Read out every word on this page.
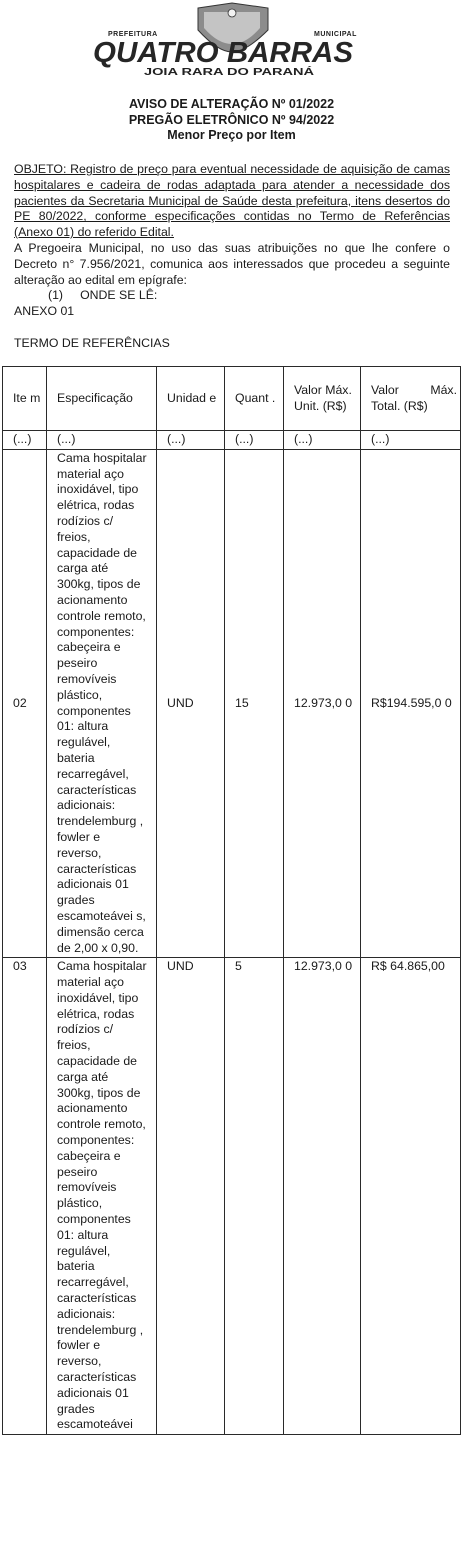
PREFEITURA	MUNICIPAL
QUATRO BARRAS
JOIA RARA DO PARANÁ
AVISO DE ALTERAÇÃO Nº 01/2022
PREGÃO ELETRÔNICO Nº 94/2022
Menor Preço por Item
OBJETO: Registro de preço para eventual necessidade de aquisição de camas hospitalares e cadeira de rodas adaptada para atender a necessidade dos pacientes da Secretaria Municipal de Saúde desta prefeitura, itens desertos do PE 80/2022, conforme especificações contidas no Termo de Referências (Anexo 01) do referido Edital.
A Pregoeira Municipal, no uso das suas atribuições no que lhe confere o Decreto n° 7.956/2021, comunica aos interessados que procedeu a seguinte alteração ao edital em epígrafe:
(1)     ONDE SE LÊ:
ANEXO 01
TERMO DE REFERÊNCIAS
Ite m	Especificação	Unidad e	Quant .	Valor Máx. Unit. (R$)	Valor Máx. Total. (R$)
(...)	(...)	(...)	(...)	(...)	(...)
02	Cama hospitalar material aço inoxidável, tipo elétrica, rodas rodízios c/ freios, capacidade de carga até 300kg, tipos de acionamento controle remoto, componentes: cabeçeira e peseiro removíveis plástico, componentes 01: altura regulável, bateria recarregável, características adicionais: trendelemburg , fowler e reverso, características adicionais 01 grades escamoteávei s, dimensão cerca de 2,00 x 0,90.	UND	15	12.973,0 0	R$194.595,0 0
03	Cama hospitalar material aço inoxidável, tipo elétrica, rodas rodízios c/ freios, capacidade de carga até 300kg, tipos de acionamento controle remoto, componentes: cabeçeira e peseiro removíveis plástico, componentes 01: altura regulável, bateria recarregável, características adicionais: trendelemburg , fowler e reverso, características adicionais 01 grades escamoteávei	UND	5	12.973,0 0	R$ 64.865,00
